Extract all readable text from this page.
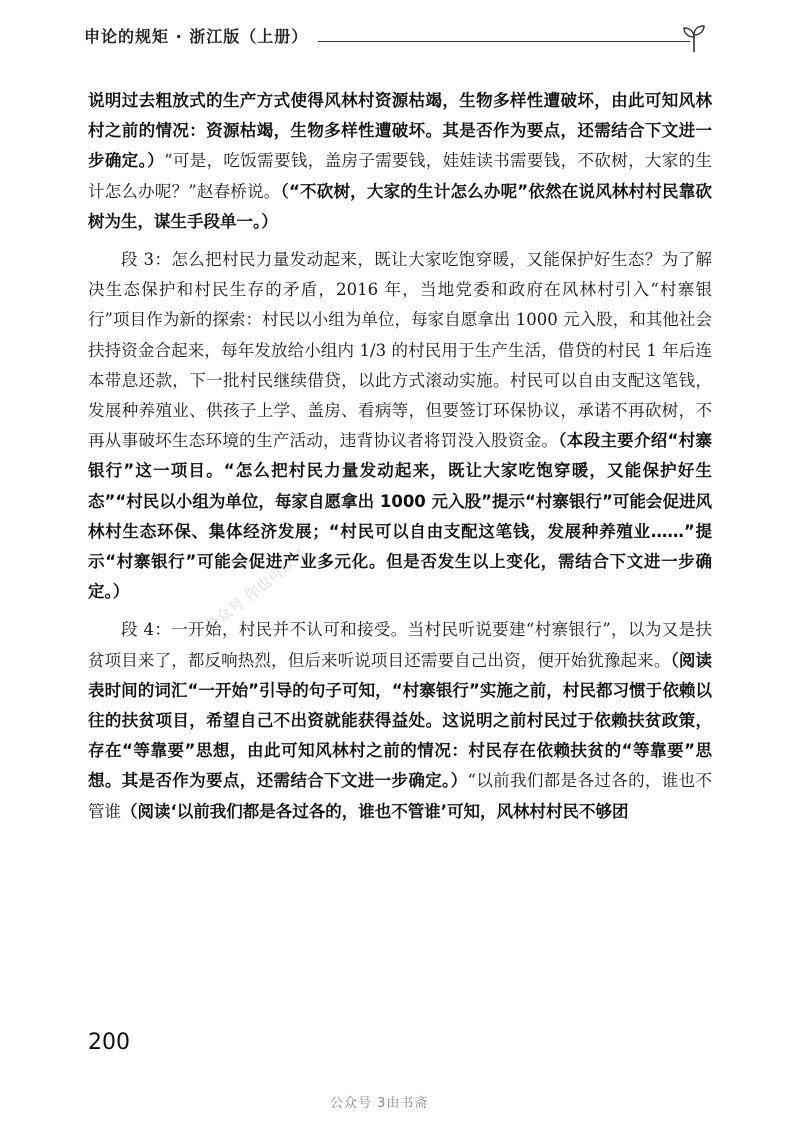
申论的规矩 · 浙江版（上册）
公众号 你也可以考

说明过去粗放式的生产方式使得风林村资源枯竭，生物多样性遭破坏，由此可知风林村之前的情况：资源枯竭，生物多样性遭破坏。其是否作为要点，还需结合下文进一步确定。）“可是，吃饭需要钱，盖房子需要钱，娃娃读书需要钱，不砍树，大家的生计怎么办呢？”赵春桥说。（“不砍树，大家的生计怎么办呢”依然在说风林村村民靠砍树为生，谋生手段单一。）

段 3：怎么把村民力量发动起来，既让大家吃饱穿暖，又能保护好生态？为了解决生态保护和村民生存的矛盾，2016 年，当地党委和政府在风林村引入“村寨银行”项目作为新的探索：村民以小组为单位，每家自愿拿出 1000 元入股，和其他社会扶持资金合起来，每年发放给小组内 1/3 的村民用于生产生活，借贷的村民 1 年后连本带息还款，下一批村民继续借贷，以此方式滚动实施。村民可以自由支配这笔钱，发展种养殖业、供孩子上学、盖房、看病等，但要签订环保协议，承诺不再砍树，不再从事破坏生态环境的生产活动，违背协议者将罚没入股资金。（本段主要介绍“村寨银行”这一项目。“怎么把村民力量发动起来，既让大家吃饱穿暖，又能保护好生态”“村民以小组为单位，每家自愿拿出 1000 元入股”提示“村寨银行”可能会促进风林村生态环保、集体经济发展；“村民可以自由支配这笔钱，发展种养殖业……”提示“村寨银行”可能会促进产业多元化。但是否发生以上变化，需结合下文进一步确定。）

段 4：一开始，村民并不认可和接受。当村民听说要建“村寨银行”，以为又是扶贫项目来了，都反响热烈，但后来听说项目还需要自己出资，便开始犹豫起来。（阅读表时间的词汇“一开始”引导的句子可知，“村寨银行”实施之前，村民都习惯于依赖以往的扶贫项目，希望自己不出资就能获得益处。这说明之前村民过于依赖扶贫政策，存在“等靠要”思想，由此可知风林村之前的情况：村民存在依赖扶贫的“等靠要”思想。其是否作为要点，还需结合下文进一步确定。）“以前我们都是各过各的，谁也不管谁（阅读‘以前我们都是各过各的，谁也不管谁’可知，风林村村民不够团

200
公众号 3由书斋
